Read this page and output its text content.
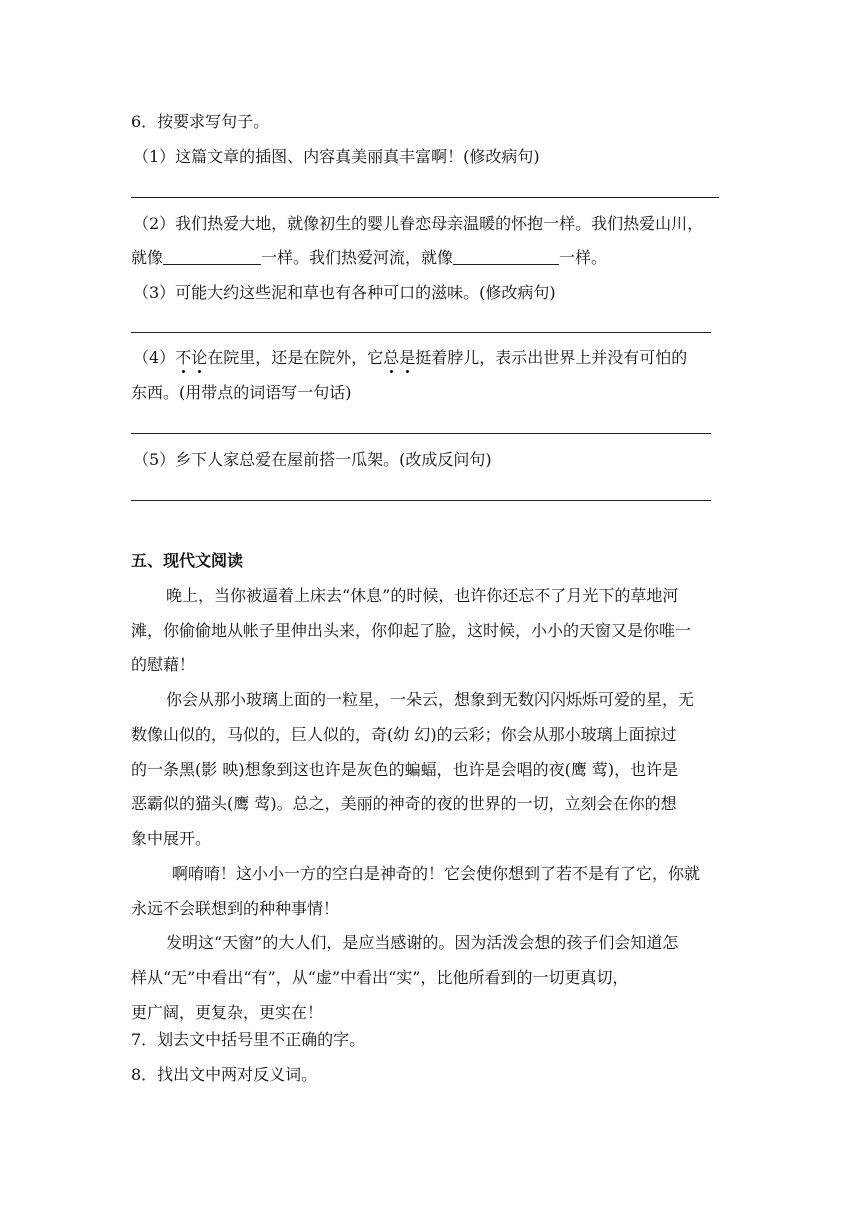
6．按要求写句子。
（1）这篇文章的插图、内容真美丽真丰富啊！(修改病句)
（2）我们热爱大地，就像初生的婴儿眷恋母亲温暖的怀抱一样。我们热爱山川，
就像	一样。我们热爱河流，就像	一样。
（3）可能大约这些泥和草也有各种可口的滋味。(修改病句)
（4）不论在院里，还是在院外，它总是挺着脖儿，表示出世界上并没有可怕的
东西。(用带点的词语写一句话)
（5）乡下人家总爱在屋前搭一瓜架。(改成反问句)
五、现代文阅读
晚上，当你被逼着上床去“休息”的时候，也许你还忘不了月光下的草地河
滩，你偷偷地从帐子里伸出头来，你仰起了脸，这时候，小小的天窗又是你唯一
的慰藉！
你会从那小玻璃上面的一粒星，一朵云，想象到无数闪闪烁烁可爱的星，无
数像山似的，马似的，巨人似的，奇(幼 幻)的云彩；你会从那小玻璃上面掠过
的一条黑(影 映)想象到这也许是灰色的蝙蝠，也许是会唱的夜(鹰 莺)，也许是
恶霸似的猫头(鹰 莺)。总之，美丽的神奇的夜的世界的一切，立刻会在你的想
象中展开。
啊唷唷！这小小一方的空白是神奇的！它会使你想到了若不是有了它，你就
永远不会联想到的种种事情！
发明这“天窗”的大人们，是应当感谢的。因为活泼会想的孩子们会知道怎
样从“无”中看出“有”，从“虚”中看出“实”，比他所看到的一切更真切，
更广阔，更复杂，更实在！
7．划去文中括号里不正确的字。
8．找出文中两对反义词。
